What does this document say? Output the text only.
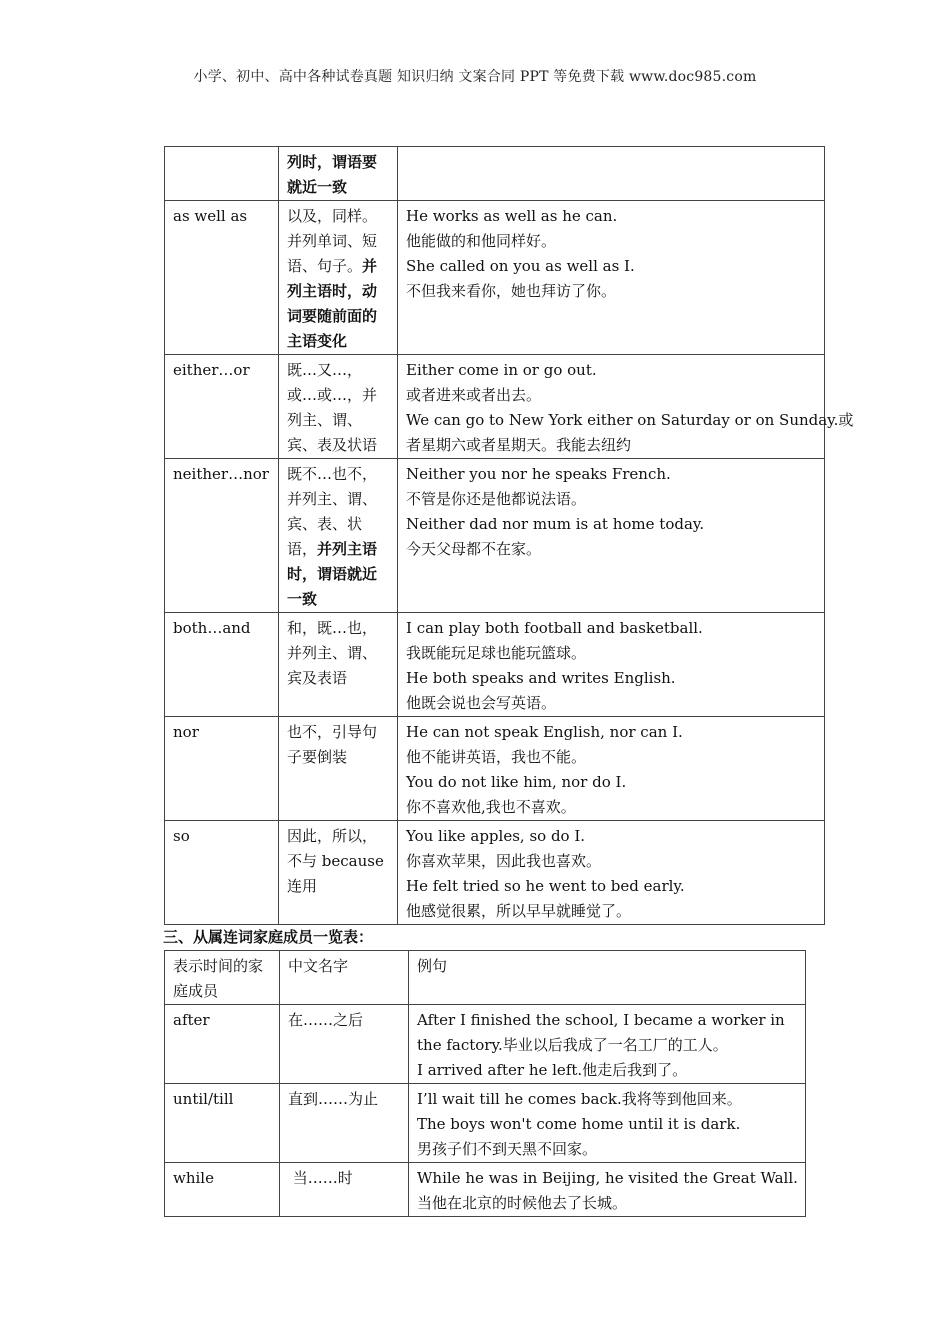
小学、初中、高中各种试卷真题 知识归纳 文案合同 PPT 等免费下载 www.doc985.com
	列时，谓语要就近一致	
as well as	以及，同样。并列单词、短语、句子。并列主语时，动词要随前面的主语变化	He works as well as he can.
他能做的和他同样好。
She called on you as well as I.
不但我来看你，她也拜访了你。

either…or	既…又…，或…或…，并列主、谓、宾、表及状语	Either come in or go out.
或者进来或者出去。
We can go to New York either on Saturday or on Sunday.或
者星期六或者星期天。我能去纽约

neither…nor	既不…也不，并列主、谓、宾、表、状语，并列主语时，谓语就近一致	Neither you nor he speaks French.
不管是你还是他都说法语。
Neither dad nor mum is at home today.
今天父母都不在家。

both…and	和，既…也，并列主、谓、宾及表语	I can play both football and basketball.
我既能玩足球也能玩篮球。
He both speaks and writes English.
他既会说也会写英语。

nor	也不，引导句子要倒装	He can not speak English, nor can I.
他不能讲英语，我也不能。
You do not like him, nor do I.
你不喜欢他,我也不喜欢。

so	因此，所以，不与 because 连用	You like apples, so do I.
你喜欢苹果，因此我也喜欢。
He felt tried so he went to bed early.
他感觉很累，所以早早就睡觉了。
三、从属连词家庭成员一览表：
表示时间的家庭成员	中文名字	例句
after	在……之后	After I finished the school, I became a worker in the factory.毕业以后我成了一名工厂的工人。
I arrived after he left.他走后我到了。

until/till	直到……为止	I’ll wait till he comes back.我将等到他回来。
The boys won't come home until it is dark.
男孩子们不到天黑不回家。

while	当……时	While he was in Beijing, he visited the Great Wall.
当他在北京的时候他去了长城。
